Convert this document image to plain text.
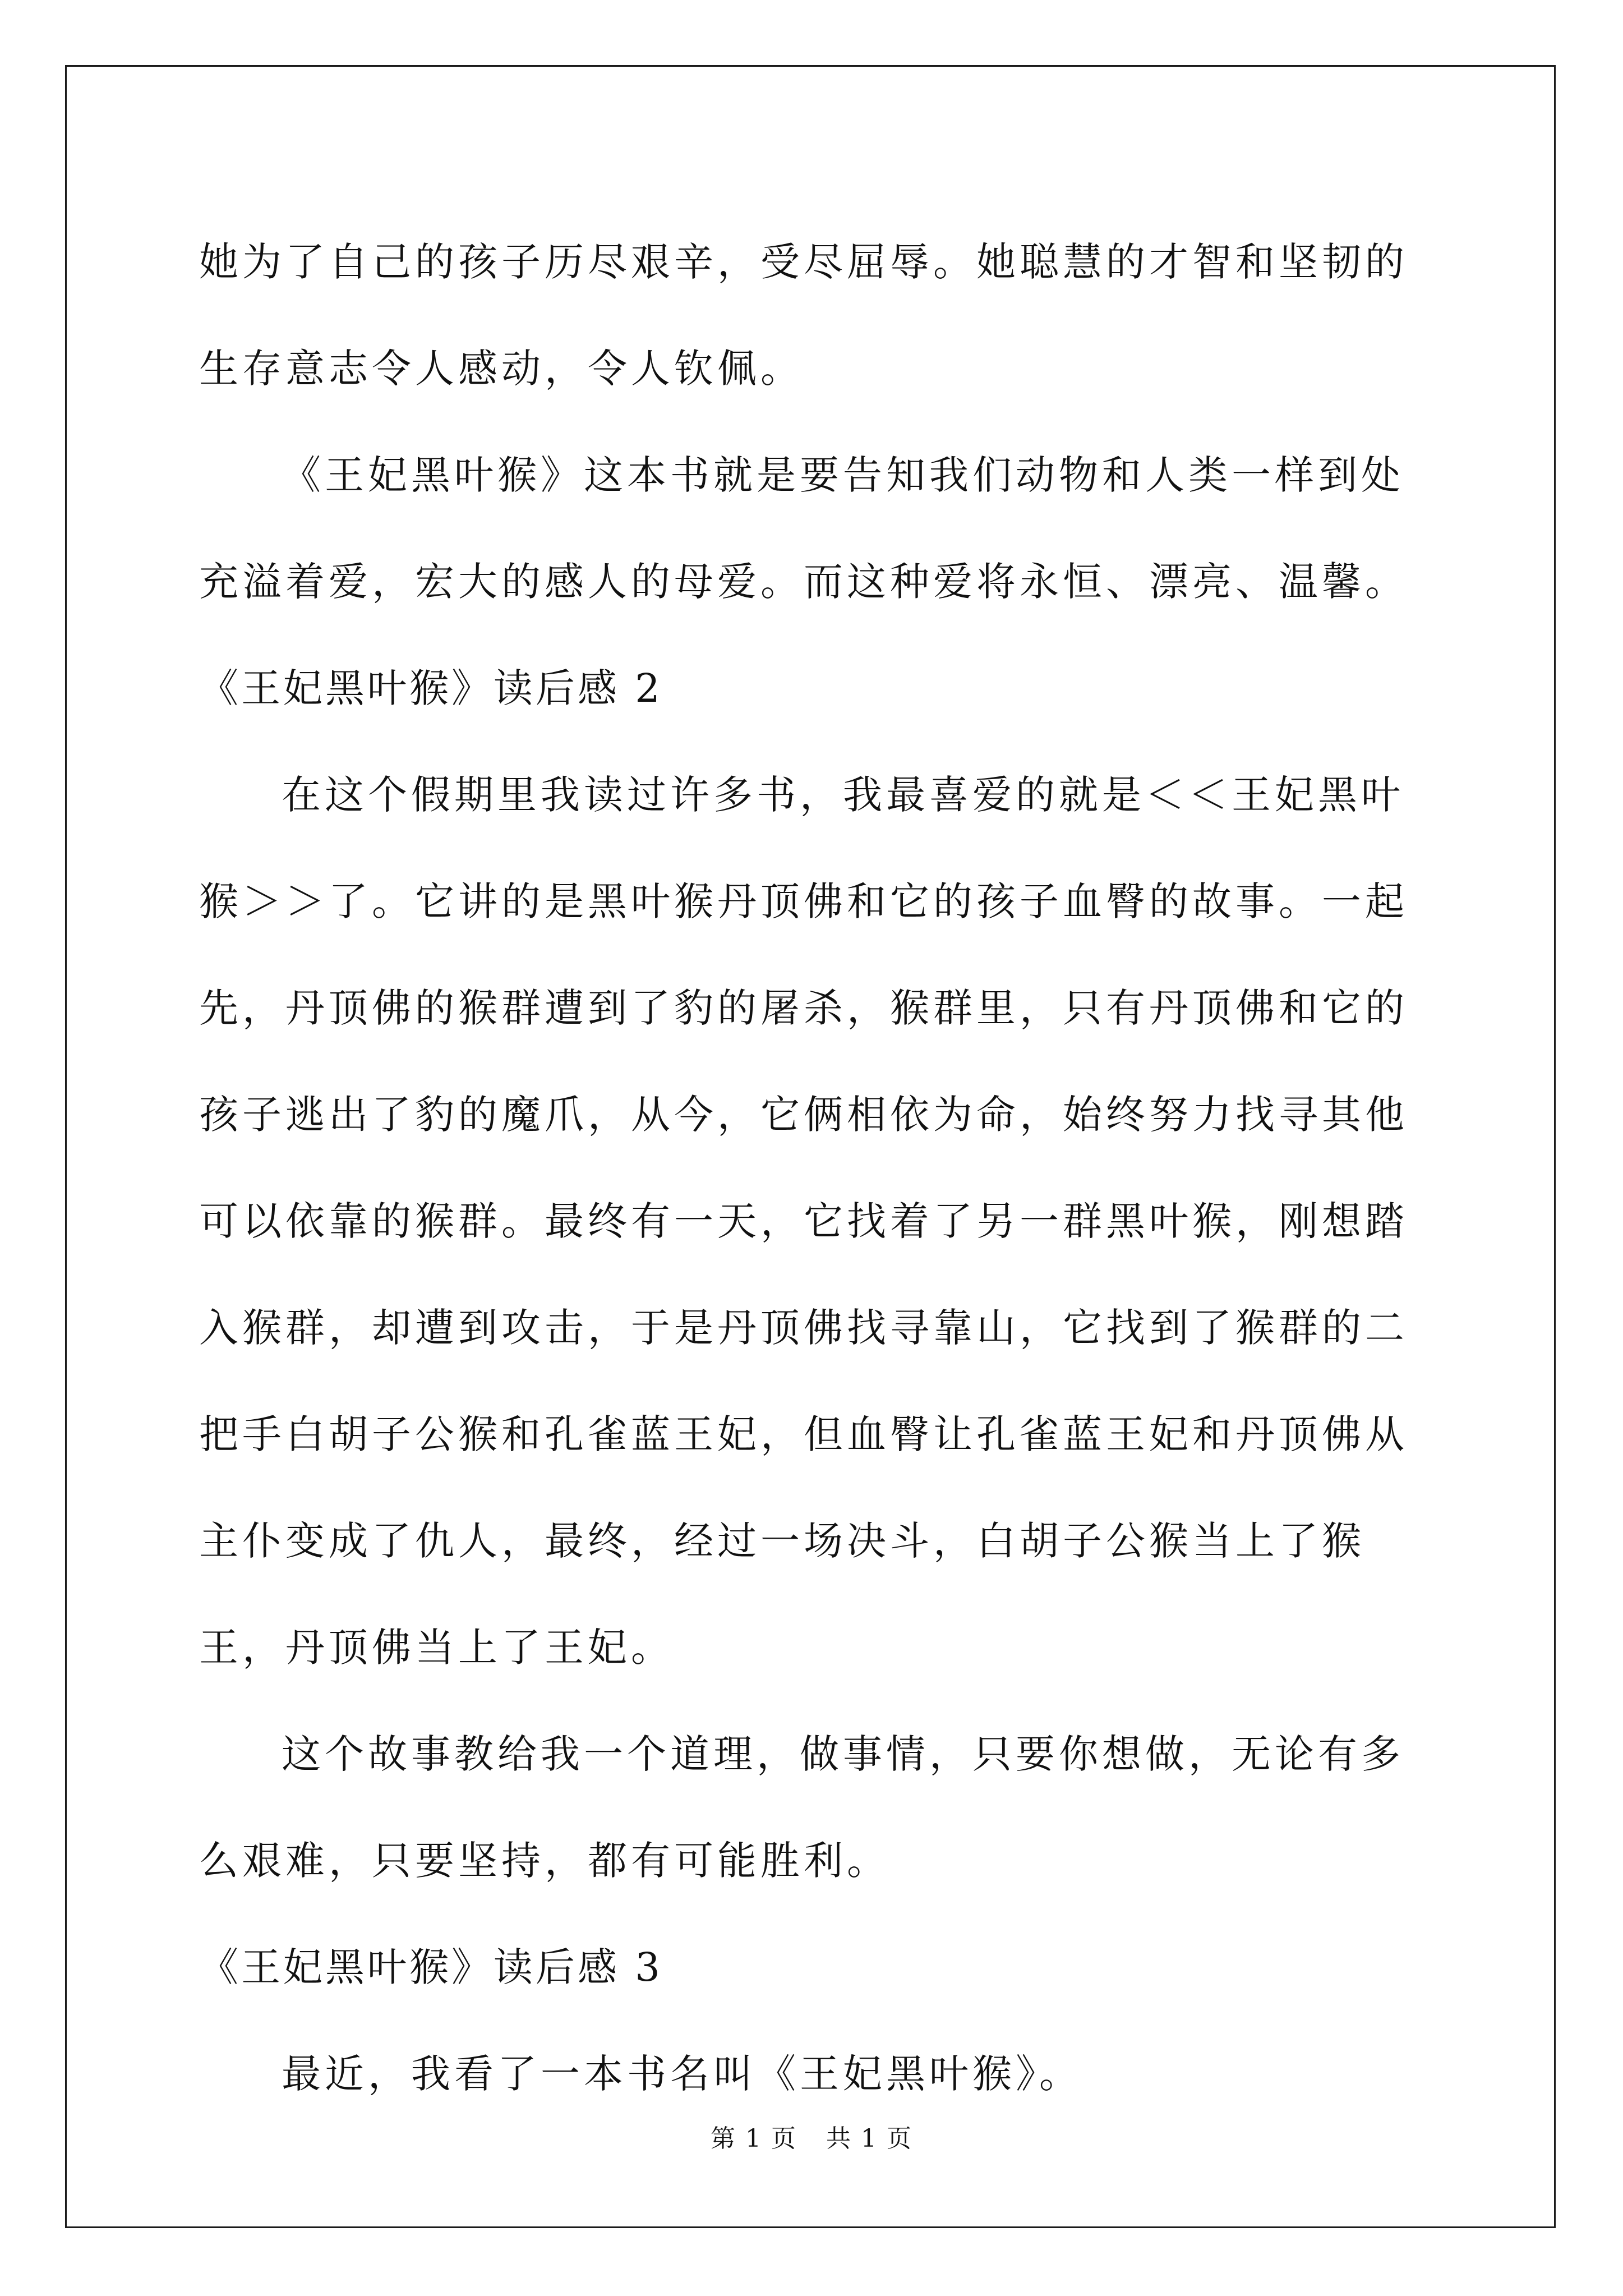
她为了自己的孩子历尽艰辛，受尽屈辱。她聪慧的才智和坚韧的生存意志令人感动，令人钦佩。

《王妃黑叶猴》这本书就是要告知我们动物和人类一样到处充溢着爱，宏大的感人的母爱。而这种爱将永恒、漂亮、温馨。

《王妃黑叶猴》读后感 2

在这个假期里我读过许多书，我最喜爱的就是＜＜王妃黑叶猴＞＞了。它讲的是黑叶猴丹顶佛和它的孩子血臀的故事。一起先，丹顶佛的猴群遭到了豹的屠杀，猴群里，只有丹顶佛和它的孩子逃出了豹的魔爪，从今，它俩相依为命，始终努力找寻其他可以依靠的猴群。最终有一天，它找着了另一群黑叶猴，刚想踏入猴群，却遭到攻击，于是丹顶佛找寻靠山，它找到了猴群的二把手白胡子公猴和孔雀蓝王妃，但血臀让孔雀蓝王妃和丹顶佛从主仆变成了仇人，最终，经过一场决斗，白胡子公猴当上了猴王，丹顶佛当上了王妃。

这个故事教给我一个道理，做事情，只要你想做，无论有多么艰难，只要坚持，都有可能胜利。

《王妃黑叶猴》读后感 3

最近，我看了一本书名叫《王妃黑叶猴》。

第 1 页 共 1 页
